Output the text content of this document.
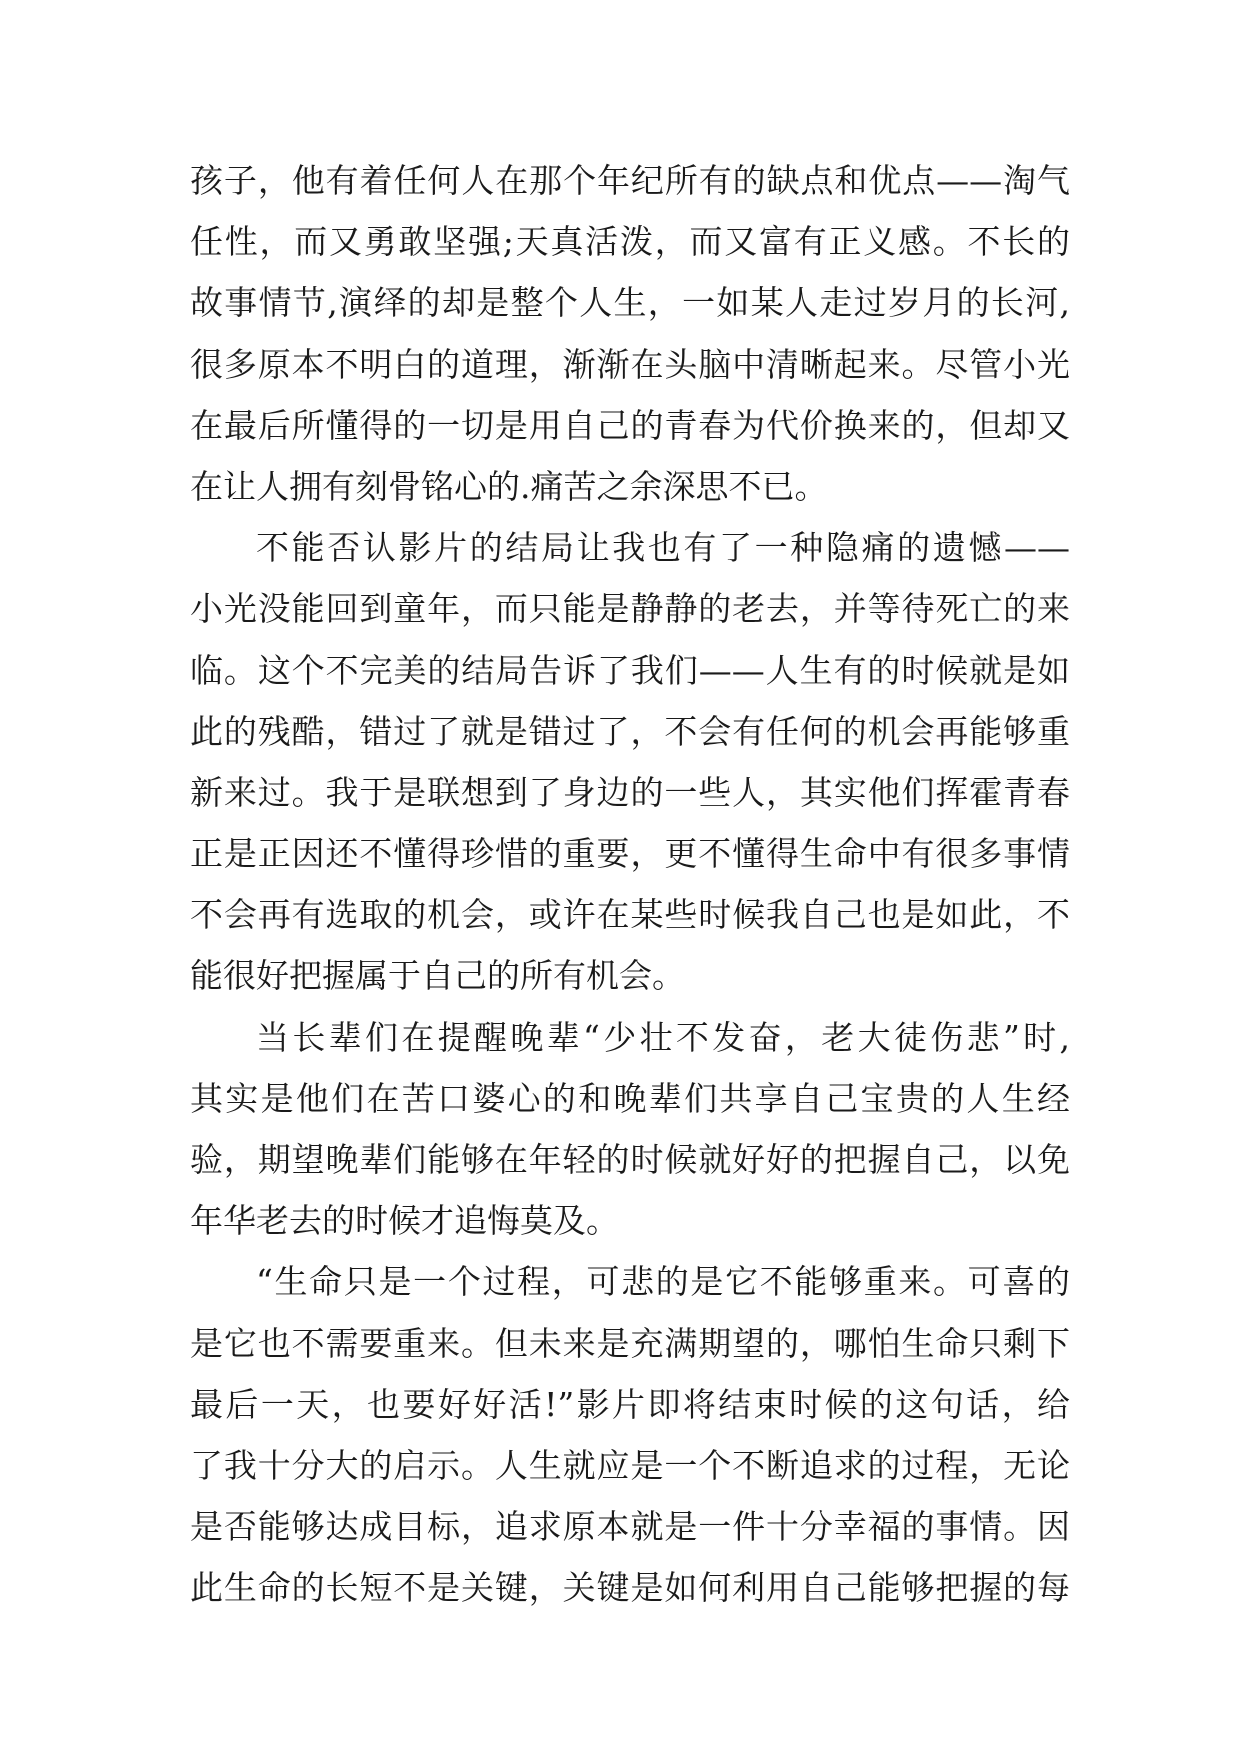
孩子，他有着任何人在那个年纪所有的缺点和优点——淘气
任性，而又勇敢坚强;天真活泼，而又富有正义感。不长的
故事情节,演绎的却是整个人生，一如某人走过岁月的长河,
很多原本不明白的道理，渐渐在头脑中清晰起来。尽管小光
在最后所懂得的一切是用自己的青春为代价换来的，但却又
在让人拥有刻骨铭心的.痛苦之余深思不已。
不能否认影片的结局让我也有了一种隐痛的遗憾——
小光没能回到童年，而只能是静静的老去，并等待死亡的来
临。这个不完美的结局告诉了我们——人生有的时候就是如
此的残酷，错过了就是错过了，不会有任何的机会再能够重
新来过。我于是联想到了身边的一些人，其实他们挥霍青春
正是正因还不懂得珍惜的重要，更不懂得生命中有很多事情
不会再有选取的机会，或许在某些时候我自己也是如此，不
能很好把握属于自己的所有机会。
当长辈们在提醒晚辈“少壮不发奋，老大徒伤悲”时,
其实是他们在苦口婆心的和晚辈们共享自己宝贵的人生经
验，期望晚辈们能够在年轻的时候就好好的把握自己，以免
年华老去的时候才追悔莫及。
“生命只是一个过程，可悲的是它不能够重来。可喜的
是它也不需要重来。但未来是充满期望的，哪怕生命只剩下
最后一天，也要好好活!”影片即将结束时候的这句话，给
了我十分大的启示。人生就应是一个不断追求的过程，无论
是否能够达成目标，追求原本就是一件十分幸福的事情。因
此生命的长短不是关键，关键是如何利用自己能够把握的每
